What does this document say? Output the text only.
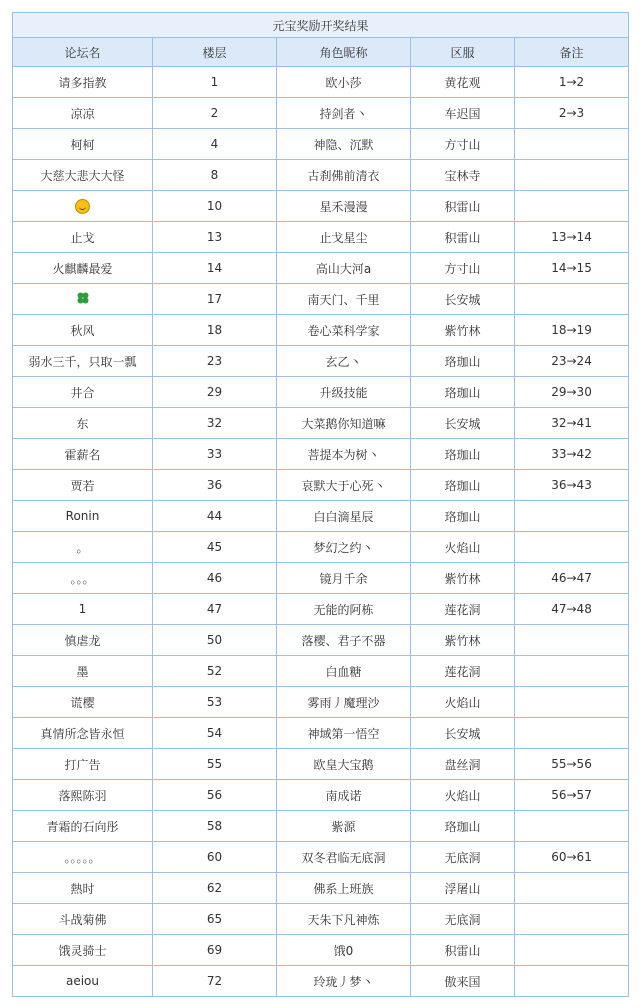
元宝奖励开奖结果				
论坛名	楼层	角色昵称	区服	备注
请多指教	1	欧小莎	黄花观	1→2
凉凉	2	持剑者丶	车迟国	2→3
柯柯	4	神隐、沉默	方寸山	
大慈大悲大大怪	8	古刹佛前清衣	宝林寺	
	10	星禾漫漫	积雷山	
止戈	13	止戈星尘	积雷山	13→14
火麒麟最爱	14	高山大河a	方寸山	14→15
	17	南天门、千里	长安城	
秋风	18	卷心菜科学家	紫竹林	18→19
弱水三千，只取一瓢	23	玄乙丶	珞珈山	23→24
井合	29	升级技能	珞珈山	29→30
东	32	大菜鹅你知道嘛	长安城	32→41
霍薪名	33	菩提本为树丶	珞珈山	33→42
贾若	36	哀默大于心死丶	珞珈山	36→43
Ronin	44	白白滴星辰	珞珈山	
。	45	梦幻之约丶	火焰山	
。。。	46	镜月千余	紫竹林	46→47
1	47	无能的阿栋	莲花洞	47→48
慎虐龙	50	落樱、君子不器	紫竹林	
墨	52	白血糖	莲花洞	
谎樱	53	雾雨丿魔理沙	火焰山	
真情所念皆永恒	54	神域第一悟空	长安城	
打广告	55	欧皇大宝鹅	盘丝洞	55→56
落熙陈羽	56	南成诺	火焰山	56→57
青霜的石向彤	58	紫源	珞珈山	
。。。。。	60	双冬君临无底洞	无底洞	60→61
熱时	62	佛系上班族	浮屠山	
斗战菊佛	65	天朱下凡神炼	无底洞	
饿灵骑士	69	饿0	积雷山	
aeiou	72	玲珑丿梦丶	傲来国	
